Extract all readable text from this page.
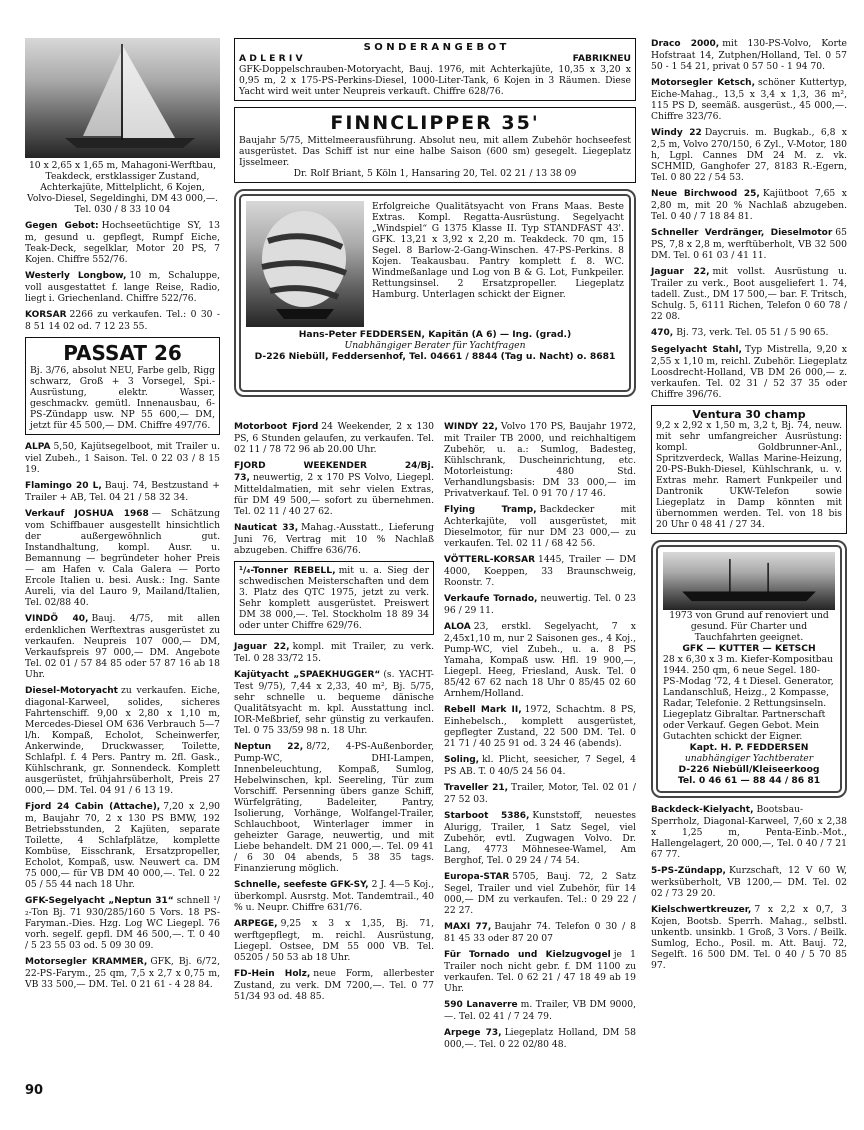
10 x 2,65 x 1,65 m, Mahagoni-Werftbau, Teakdeck, erstklassiger Zustand, Achterkajüte, Mittelplicht, 6 Kojen, Volvo-Diesel, Segeldinghi, DM 43 000,—. Tel. 030 / 8 33 10 04
Gegen Gebot: Hochseetüchtige SY, 13 m, gesund u. gepflegt, Rumpf Eiche, Teak-Deck, segelklar, Motor 20 PS, 7 Kojen. Chiffre 552/76.
Westerly Longbow, 10 m, Schaluppe, voll ausgestattet f. lange Reise, Radio, liegt i. Griechenland. Chiffre 522/76.
KORSAR 2266 zu verkaufen. Tel.: 0 30 - 8 51 14 02 od. 7 12 23 55.
PASSAT 26
Bj. 3/76, absolut NEU, Farbe gelb, Rigg schwarz, Groß + 3 Vorsegel, Spi.-Ausrüstung, elektr. Wasser, geschmackv. gemütl. Innenausbau, 6-PS-Zündapp usw. NP 55 600,— DM, jetzt für 45 500,— DM. Chiffre 497/76.
ALPA 5,50, Kajütsegelboot, mit Trailer u. viel Zubeh., 1 Saison. Tel. 0 22 03 / 8 15 19.
Flamingo 20 L, Bauj. 74, Bestzustand + Trailer + AB, Tel. 04 21 / 58 32 34.
Verkauf JOSHUA 1968 — Schätzung vom Schiffbauer ausgestellt hinsichtlich der außergewöhnlich gut. Instandhaltung, kompl. Ausr. u. Bemannung — begründeter hoher Preis — am Hafen v. Cala Galera — Porto Ercole Italien u. besi. Ausk.: Ing. Sante Aureli, via del Lauro 9, Mailand/Italien, Tel. 02/88 40.
VINDÖ 40, Bauj. 4/75, mit allen erdenklichen Werftextras ausgerüstet zu verkaufen. Neupreis 107 000,— DM, Verkaufspreis 97 000,— DM. Angebote Tel. 02 01 / 57 84 85 oder 57 87 16 ab 18 Uhr.
Diesel-Motoryacht zu verkaufen. Eiche, diagonal-Karweel, solides, sicheres Fahrtenschiff. 9,00 x 2,80 x 1,10 m, Mercedes-Diesel OM 636 Verbrauch 5—7 l/h. Kompaß, Echolot, Scheinwerfer, Ankerwinde, Druckwasser, Toilette, Schlafpl. f. 4 Pers. Pantry m. 2fl. Gask., Kühlschrank, gr. Sonnendeck. Komplett ausgerüstet, frühjahrsüberholt, Preis 27 000,— DM. Tel. 04 91 / 6 13 19.
Fjord 24 Cabin (Attache), 7,20 x 2,90 m, Baujahr 70, 2 x 130 PS BMW, 192 Betriebsstunden, 2 Kajüten, separate Toilette, 4 Schlafplätze, komplette Kombüse, Eisschrank, Ersatzpropeller, Echolot, Kompaß, usw. Neuwert ca. DM 75 000,— für VB DM 40 000,—. Tel. 0 22 05 / 55 44 nach 18 Uhr.
GFK-Segelyacht „Neptun 31“ schnell ¹/₂-Ton Bj. 71 930/285/160 5 Vors. 18 PS-Faryman.-Dies. Hzg. Log WC Liegepl. 76 vorh. segelf. gepfl. DM 46 500,—. T. 0 40 / 5 23 55 03 od. 5 09 30 09.
Motorsegler KRAMMER, GFK, Bj. 6/72, 22-PS-Farym., 25 qm, 7,5 x 2,7 x 0,75 m, VB 33 500,— DM. Tel. 0 21 61 - 4 28 84.
S O N D E R A N G E B O T
A D L E R I V	FABRIKNEU
GFK-Doppelschrauben-Motoryacht, Bauj. 1976, mit Achterkajüte, 10,35 x 3,20 x 0,95 m, 2 x 175-PS-Perkins-Diesel, 1000-Liter-Tank, 6 Kojen in 3 Räumen. Diese Yacht wird weit unter Neupreis verkauft. Chiffre 628/76.
FINNCLIPPER 35'
Baujahr 5/75, Mittelmeerausführung. Absolut neu, mit allem Zubehör hochseefest ausgerüstet. Das Schiff ist nur eine halbe Saison (600 sm) gesegelt. Liegeplatz Ijsselmeer.
Dr. Rolf Briant, 5 Köln 1, Hansaring 20, Tel. 02 21 / 13 38 09
Erfolgreiche Qualitätsyacht von Frans Maas. Beste Extras. Kompl. Regatta-Ausrüstung. Segelyacht „Windspiel“ G 1375 Klasse II. Typ STANDFAST 43'. GFK. 13,21 x 3,92 x 2,20 m. Teakdeck. 70 qm, 15 Segel. 8 Barlow-2-Gang-Winschen. 47-PS-Perkins. 8 Kojen. Teakausbau. Pantry komplett f. 8. WC. Windmeßanlage und Log von B & G. Lot, Funkpeiler. Rettungsinsel. 2 Ersatzpropeller. Liegeplatz Hamburg. Unterlagen schickt der Eigner.
Hans-Peter FEDDERSEN, Kapitän (A 6) — Ing. (grad.)
Unabhängiger Berater für Yachtfragen
D-226 Niebüll, Feddersenhof, Tel. 04661 / 8844 (Tag u. Nacht) o. 8681
Motorboot Fjord 24 Weekender, 2 x 130 PS, 6 Stunden gelaufen, zu verkaufen. Tel. 02 11 / 78 72 96 ab 20.00 Uhr.
FJORD WEEKENDER 24/Bj. 73, neuwertig, 2 x 170 PS Volvo, Liegepl. Mitteldalmatien, mit sehr vielen Extras, für DM 49 500,— sofort zu übernehmen. Tel. 02 11 / 40 27 62.
Nauticat 33, Mahag.-Ausstatt., Lieferung Juni 76, Vertrag mit 10 % Nachlaß abzugeben. Chiffre 636/76.
¹/₄-Tonner REBELL, mit u. a. Sieg der schwedischen Meisterschaften und dem 3. Platz des QTC 1975, jetzt zu verk. Sehr komplett ausgerüstet. Preiswert DM 38 000,—. Tel. Stockholm 18 89 34 oder unter Chiffre 629/76.
Jaguar 22, kompl. mit Trailer, zu verk. Tel. 0 28 33/72 15.
Kajütyacht „SPAEKHUGGER“ (s. YACHT-Test 9/75), 7,44 x 2,33, 40 m², Bj. 5/75, sehr schnelle u. bequeme dänische Qualitätsyacht m. kpl. Ausstattung incl. IOR-Meßbrief, sehr günstig zu verkaufen. Tel. 0 75 33/59 98 n. 18 Uhr.
Neptun 22, 8/72, 4-PS-Außenborder, Pump-WC, DHI-Lampen, Innenbeleuchtung, Kompaß, Sumlog, Hebelwinschen, kpl. Seereling, Tür zum Vorschiff. Persenning übers ganze Schiff, Würfelgräting, Badeleiter, Pantry, Isolierung, Vorhänge, Wolfangel-Trailer, Schlauchboot, Winterlager immer in geheizter Garage, neuwertig, und mit Liebe behandelt. DM 21 000,—. Tel. 09 41 / 6 30 04 abends, 5 38 35 tags. Finanzierung möglich.
Schnelle, seefeste GFK-SY, 2 J. 4—5 Koj., überkompl. Ausrstg. Mot. Tandemtrail., 40 % u. Neupr. Chiffre 631/76.
ARPEGE, 9,25 x 3 x 1,35, Bj. 71, werftgepflegt, m. reichl. Ausrüstung, Liegepl. Ostsee, DM 55 000 VB. Tel. 05205 / 50 53 ab 18 Uhr.
FD-Hein Holz, neue Form, allerbester Zustand, zu verk. DM 7200,—. Tel. 0 77 51/34 93 od. 48 85.
WINDY 22, Volvo 170 PS, Baujahr 1972, mit Trailer TB 2000, und reichhaltigem Zubehör, u. a.: Sumlog, Badesteg, Kühlschrank, Duscheinrichtung, etc. Motorleistung: 480 Std. Verhandlungsbasis: DM 33 000,— im Privatverkauf. Tel. 0 91 70 / 17 46.
Flying Tramp, Backdecker mit Achterkajüte, voll ausgerüstet, mit Dieselmotor, für nur DM 23 000,— zu verkaufen. Tel. 02 11 / 68 42 56.
VÖTTERL-KORSAR 1445, Trailer — DM 4000, Koeppen, 33 Braunschweig, Roonstr. 7.
Verkaufe Tornado, neuwertig. Tel. 0 23 96 / 29 11.
ALOA 23, erstkl. Segelyacht, 7 x 2,45x1,10 m, nur 2 Saisonen ges., 4 Koj., Pump-WC, viel Zubeh., u. a. 8 PS Yamaha, Kompaß usw. Hfl. 19 900,—, Liegepl. Heeg, Friesland, Ausk. Tel. 0 85/42 67 62 nach 18 Uhr 0 85/45 02 60 Arnhem/Holland.
Rebell Mark II, 1972, Schachtm. 8 PS, Einhebelsch., komplett ausgerüstet, gepflegter Zustand, 22 500 DM. Tel. 0 21 71 / 40 25 91 od. 3 24 46 (abends).
Soling, kl. Plicht, seesicher, 7 Segel, 4 PS AB. T. 0 40/5 24 56 04.
Traveller 21, Trailer, Motor, Tel. 02 01 / 27 52 03.
Starboot 5386, Kunststoff, neuestes Alurigg, Trailer, 1 Satz Segel, viel Zubehör, evtl. Zugwagen Volvo. Dr. Lang, 4773 Möhnesee-Wamel, Am Berghof, Tel. 0 29 24 / 74 54.
Europa-STAR 5705, Bauj. 72, 2 Satz Segel, Trailer und viel Zubehör, für 14 000,— DM zu verkaufen. Tel.: 0 29 22 / 22 27.
MAXI 77, Baujahr 74. Telefon 0 30 / 8 81 45 33 oder 87 20 07
Für Tornado und Kielzugvogel je 1 Trailer noch nicht gebr. f. DM 1100 zu verkaufen. Tel. 0 62 21 / 47 18 49 ab 19 Uhr.
590 Lanaverre m. Trailer, VB DM 9000,—. Tel. 02 41 / 7 24 79.
Arpege 73, Liegeplatz Holland, DM 58 000,—. Tel. 0 22 02/80 48.
Draco 2000, mit 130-PS-Volvo, Korte Hofstraat 14, Zutphen/Holland, Tel. 0 57 50 - 1 54 21, privat 0 57 50 - 1 94 70.
Motorsegler Ketsch, schöner Kuttertyp, Eiche-Mahag., 13,5 x 3,4 x 1,3, 36 m², 115 PS D, seemäß. ausgerüst., 45 000,—. Chiffre 323/76.
Windy 22 Daycruis. m. Bugkab., 6,8 x 2,5 m, Volvo 270/150, 6 Zyl., V-Motor, 180 h, Lgpl. Cannes DM 24 M. z. vk. SCHMID, Ganghofer 27, 8183 R.-Egern, Tel. 0 80 22 / 54 53.
Neue Birchwood 25, Kajütboot 7,65 x 2,80 m, mit 20 % Nachlaß abzugeben. Tel. 0 40 / 7 18 84 81.
Schneller Verdränger, Dieselmotor 65 PS, 7,8 x 2,8 m, werftüberholt, VB 32 500 DM. Tel. 0 61 03 / 41 11.
Jaguar 22, mit vollst. Ausrüstung u. Trailer zu verk., Boot ausgeliefert 1. 74, tadell. Zust., DM 17 500,— bar. F. Tritsch, Schulg. 5, 6111 Richen, Telefon 0 60 78 / 22 08.
470, Bj. 73, verk. Tel. 05 51 / 5 90 65.
Segelyacht Stahl, Typ Mistrella, 9,20 x 2,55 x 1,10 m, reichl. Zubehör. Liegeplatz Loosdrecht-Holland, VB DM 26 000,— z. verkaufen. Tel. 02 31 / 52 37 35 oder Chiffre 396/76.
Ventura 30 champ
9,2 x 2,92 x 1,50 m, 3,2 t, Bj. 74, neuw. mit sehr umfangreicher Ausrüstung: kompl. Goldbrunner-Anl., Spritzverdeck, Wallas Marine-Heizung, 20-PS-Bukh-Diesel, Kühlschrank, u. v. Extras mehr. Ramert Funkpeiler und Dantronik UKW-Telefon sowie Liegeplatz in Damp könnten mit übernommen werden. Tel. von 18 bis 20 Uhr 0 48 41 / 27 34.
1973 von Grund auf renoviert und gesund. Für Charter und Tauchfahrten geeignet.
GFK — KUTTER — KETSCH
28 x 6,30 x 3 m. Kiefer-Kompositbau 1944. 250 qm, 6 neue Segel. 180-PS-Modag '72, 4 t Diesel. Generator, Landanschluß, Heizg., 2 Kompasse, Radar, Telefonie. 2 Rettungsinseln. Liegeplatz Gibraltar. Partnerschaft oder Verkauf. Gegen Gebot. Mein Gutachten schickt der Eigner.
Kapt. H. P. FEDDERSEN
unabhängiger Yachtberater
D-226 Niebüll/Kleiseerkoog
Tel. 0 46 61 — 88 44 / 86 81
Backdeck-Kielyacht, Bootsbau-Sperrholz, Diagonal-Karweel, 7,60 x 2,38 x 1,25 m, Penta-Einb.-Mot., Hallengelagert, 20 000,—, Tel. 0 40 / 7 21 67 77.
5-PS-Zündapp, Kurzschaft, 12 V 60 W, werksüberholt, VB 1200,— DM. Tel. 02 02 / 73 29 20.
Kielschwertkreuzer, 7 x 2,2 x 0,7, 3 Kojen, Bootsb. Sperrh. Mahag., selbstl. unkentb. unsinkb. 1 Groß, 3 Vors. / Beilk. Sumlog, Echo., Posil. m. Att. Bauj. 72, Segelft. 16 500 DM. Tel. 0 40 / 5 70 85 97.
90
